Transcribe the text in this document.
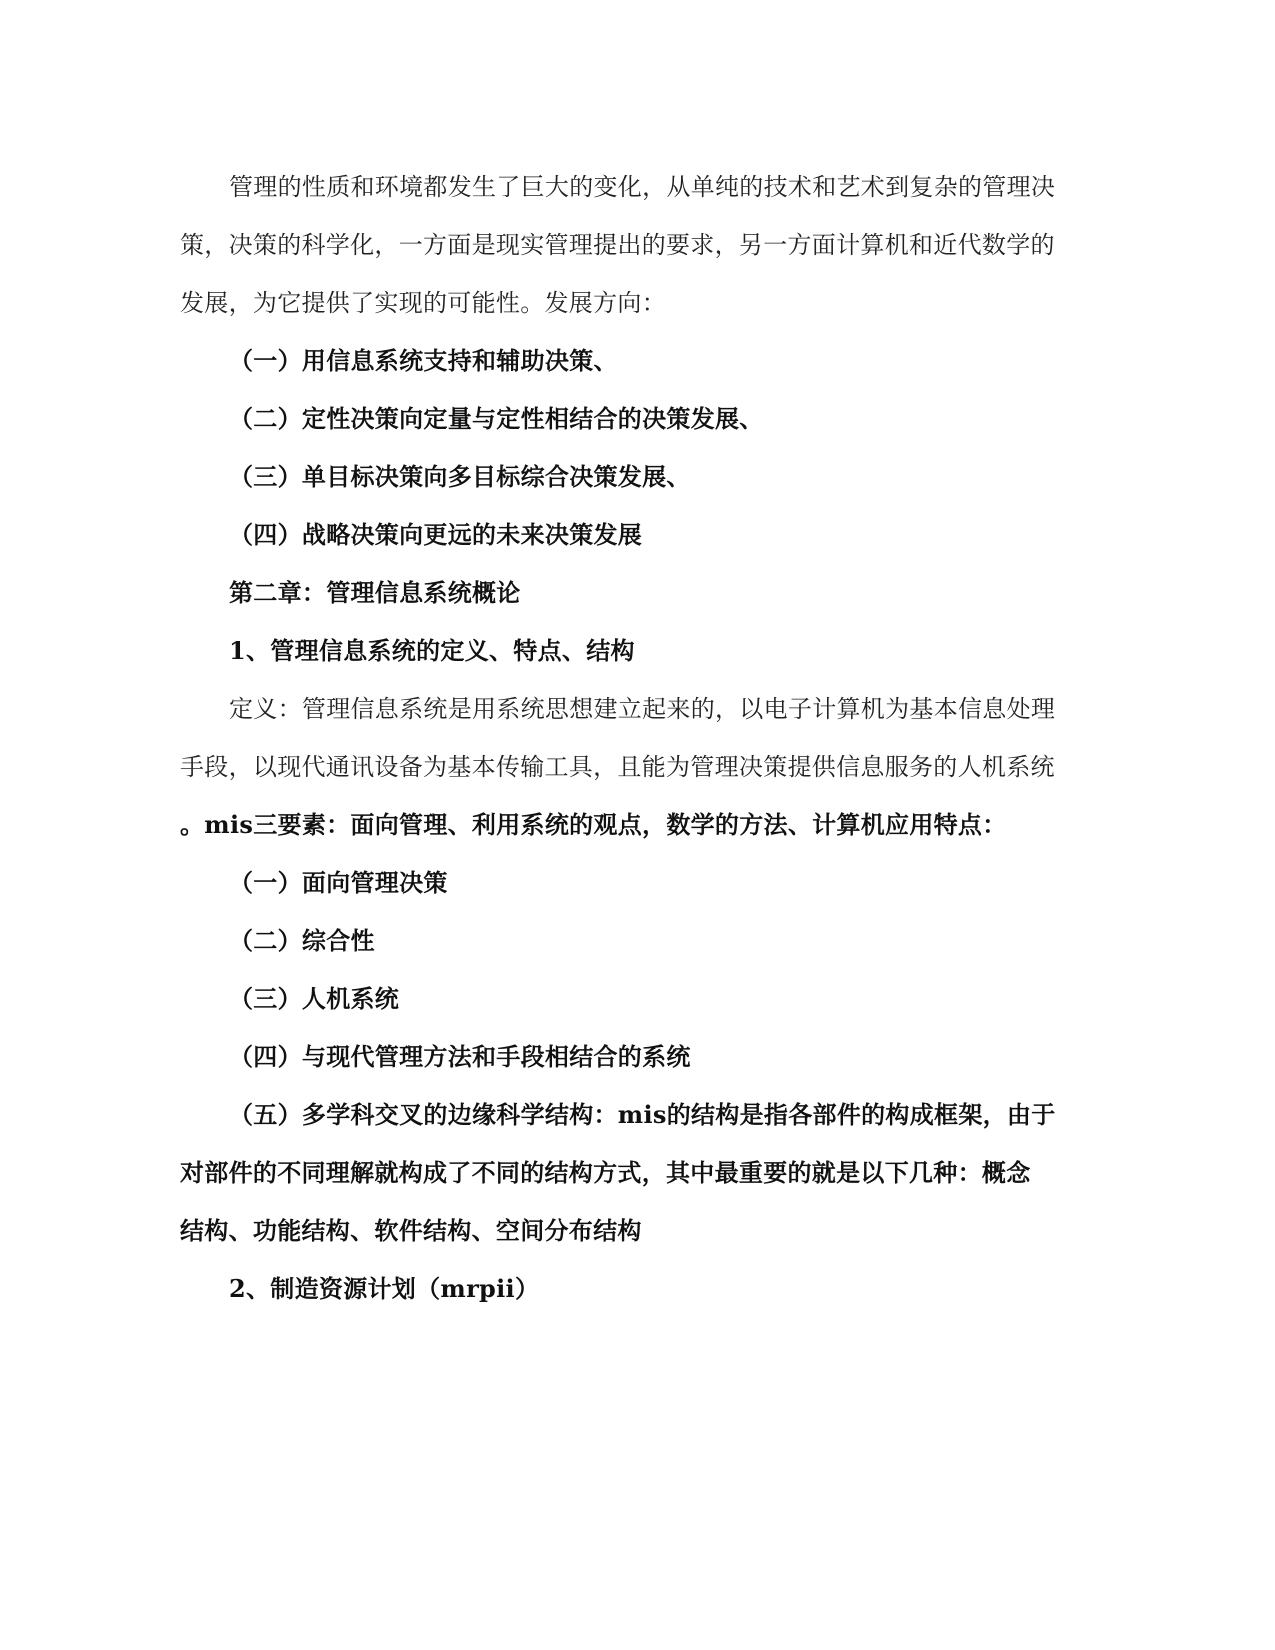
管理的性质和环境都发生了巨大的变化，从单纯的技术和艺术到复杂的管理决
策，决策的科学化，一方面是现实管理提出的要求，另一方面计算机和近代数学的
发展，为它提供了实现的可能性。发展方向：
（一）用信息系统支持和辅助决策、
（二）定性决策向定量与定性相结合的决策发展、
（三）单目标决策向多目标综合决策发展、
（四）战略决策向更远的未来决策发展
第二章：管理信息系统概论
1、管理信息系统的定义、特点、结构
定义：管理信息系统是用系统思想建立起来的，以电子计算机为基本信息处理
手段，以现代通讯设备为基本传输工具，且能为管理决策提供信息服务的人机系统
。mis三要素：面向管理、利用系统的观点，数学的方法、计算机应用特点：
（一）面向管理决策
（二）综合性
（三）人机系统
（四）与现代管理方法和手段相结合的系统
（五）多学科交叉的边缘科学结构：mis的结构是指各部件的构成框架，由于
对部件的不同理解就构成了不同的结构方式，其中最重要的就是以下几种：概念
结构、功能结构、软件结构、空间分布结构
2、制造资源计划（mrpii）
